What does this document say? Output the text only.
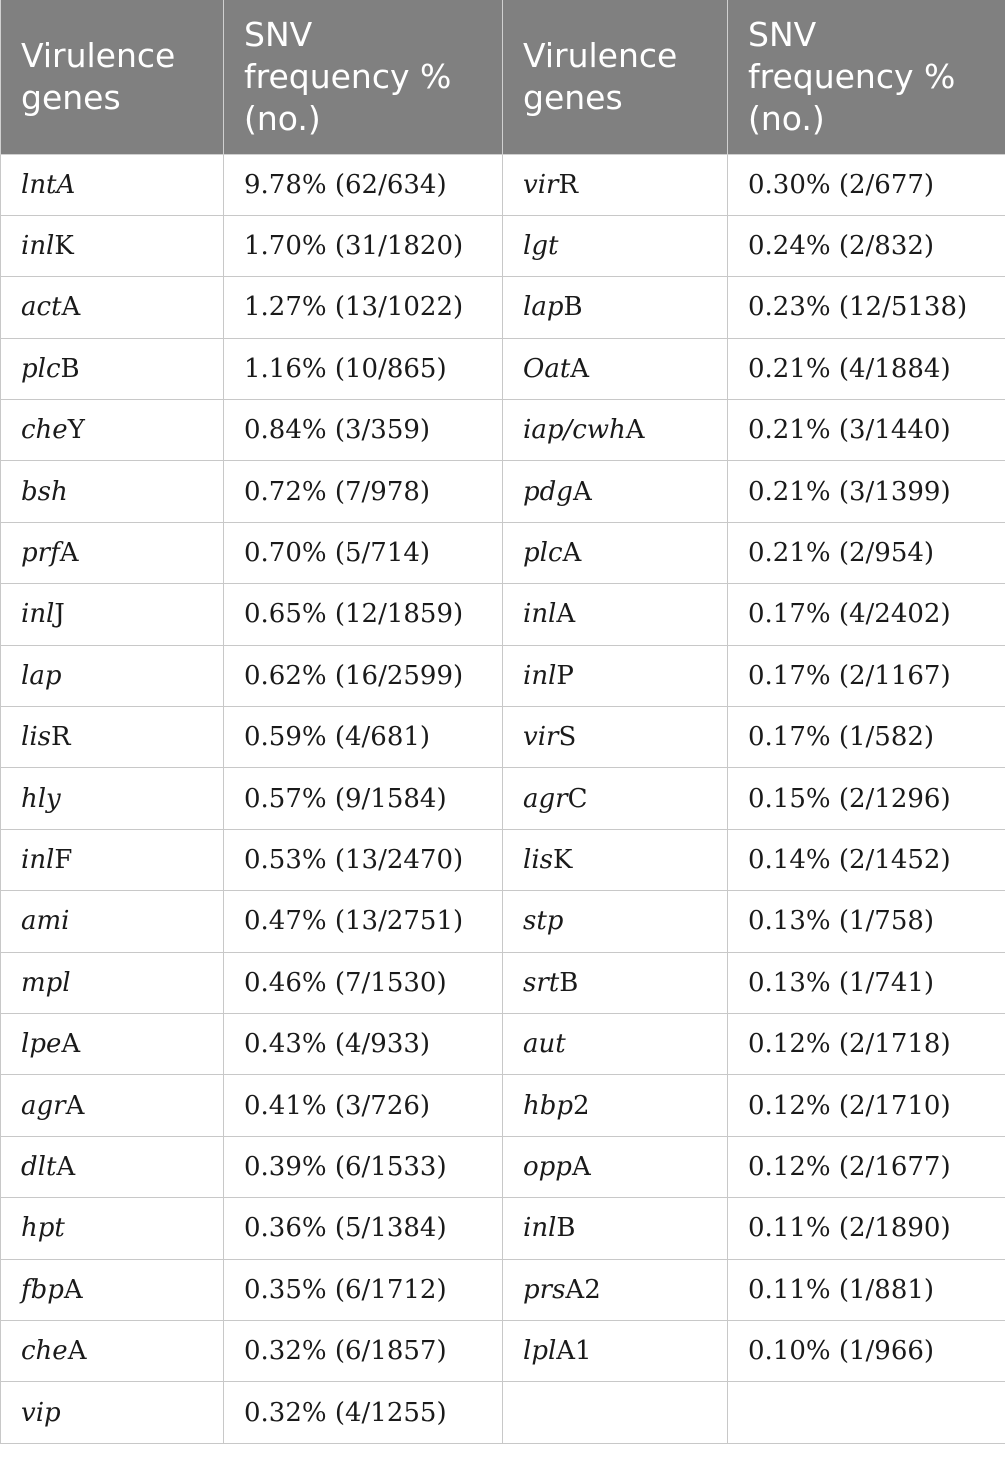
Virulence genes	SNV frequency % (no.)	Virulence genes	SNV frequency % (no.)
lntA	9.78% (62/634)	virR	0.30% (2/677)
inlK	1.70% (31/1820)	lgt	0.24% (2/832)
actA	1.27% (13/1022)	lapB	0.23% (12/5138)
plcB	1.16% (10/865)	OatA	0.21% (4/1884)
cheY	0.84% (3/359)	iap/cwhA	0.21% (3/1440)
bsh	0.72% (7/978)	pdgA	0.21% (3/1399)
prfA	0.70% (5/714)	plcA	0.21% (2/954)
inlJ	0.65% (12/1859)	inlA	0.17% (4/2402)
lap	0.62% (16/2599)	inlP	0.17% (2/1167)
lisR	0.59% (4/681)	virS	0.17% (1/582)
hly	0.57% (9/1584)	agrC	0.15% (2/1296)
inlF	0.53% (13/2470)	lisK	0.14% (2/1452)
ami	0.47% (13/2751)	stp	0.13% (1/758)
mpl	0.46% (7/1530)	srtB	0.13% (1/741)
lpeA	0.43% (4/933)	aut	0.12% (2/1718)
agrA	0.41% (3/726)	hbp2	0.12% (2/1710)
dltA	0.39% (6/1533)	oppA	0.12% (2/1677)
hpt	0.36% (5/1384)	inlB	0.11% (2/1890)
fbpA	0.35% (6/1712)	prsA2	0.11% (1/881)
cheA	0.32% (6/1857)	lplA1	0.10% (1/966)
vip	0.32% (4/1255)		
